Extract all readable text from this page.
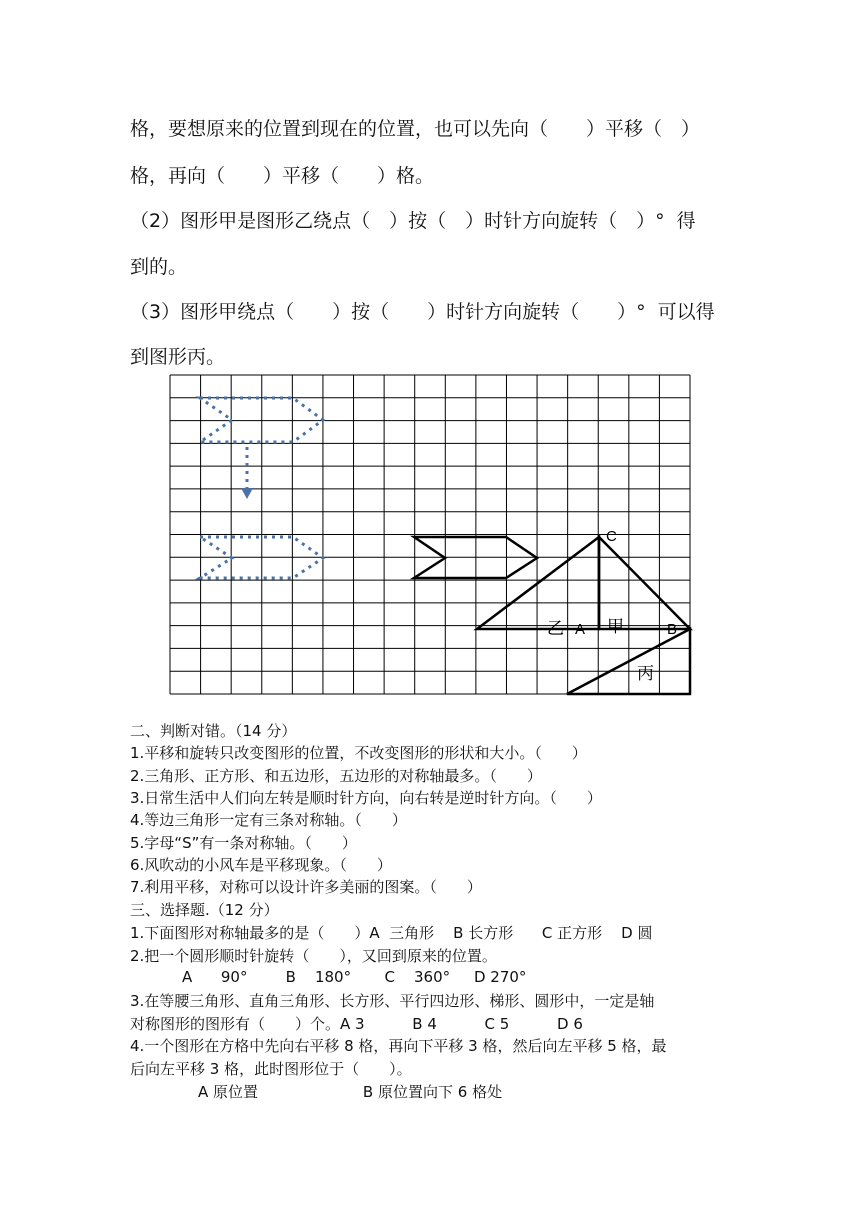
格，要想原来的位置到现在的位置，也可以先向（　　）平移（　）
格，再向（　　）平移（　　）格。
（2）图形甲是图形乙绕点（　）按（　）时针方向旋转（　）°  得
到的。
（3）图形甲绕点（　　）按（　　）时针方向旋转（　　）°  可以得
到图形丙。
C
A	B
乙	甲
丙
二、判断对错。（14 分）
1.平移和旋转只改变图形的位置，不改变图形的形状和大小。（　　）
2.三角形、正方形、和五边形，五边形的对称轴最多。（　　）
3.日常生活中人们向左转是顺时针方向，向右转是逆时针方向。（　　）
4.等边三角形一定有三条对称轴。（　　）
5.字母“S”有一条对称轴。（　　）
6.风吹动的小风车是平移现象。（　　）
7.利用平移，对称可以设计许多美丽的图案。（　　）
三、选择题.（12 分）
1.下面图形对称轴最多的是（　　）A  三角形    B 长方形      C 正方形    D 圆
2.把一个圆形顺时针旋转（　　），又回到原来的位置。
A      90°        B    180°       C    360°     D 270°
3.在等腰三角形、直角三角形、长方形、平行四边形、梯形、圆形中，一定是轴
对称图形的图形有（　　）个。A 3          B 4          C 5          D 6
4.一个图形在方格中先向右平移 8 格，再向下平移 3 格，然后向左平移 5 格，最
后向左平移 3 格，此时图形位于（　　）。
A 原位置                      B 原位置向下 6 格处
